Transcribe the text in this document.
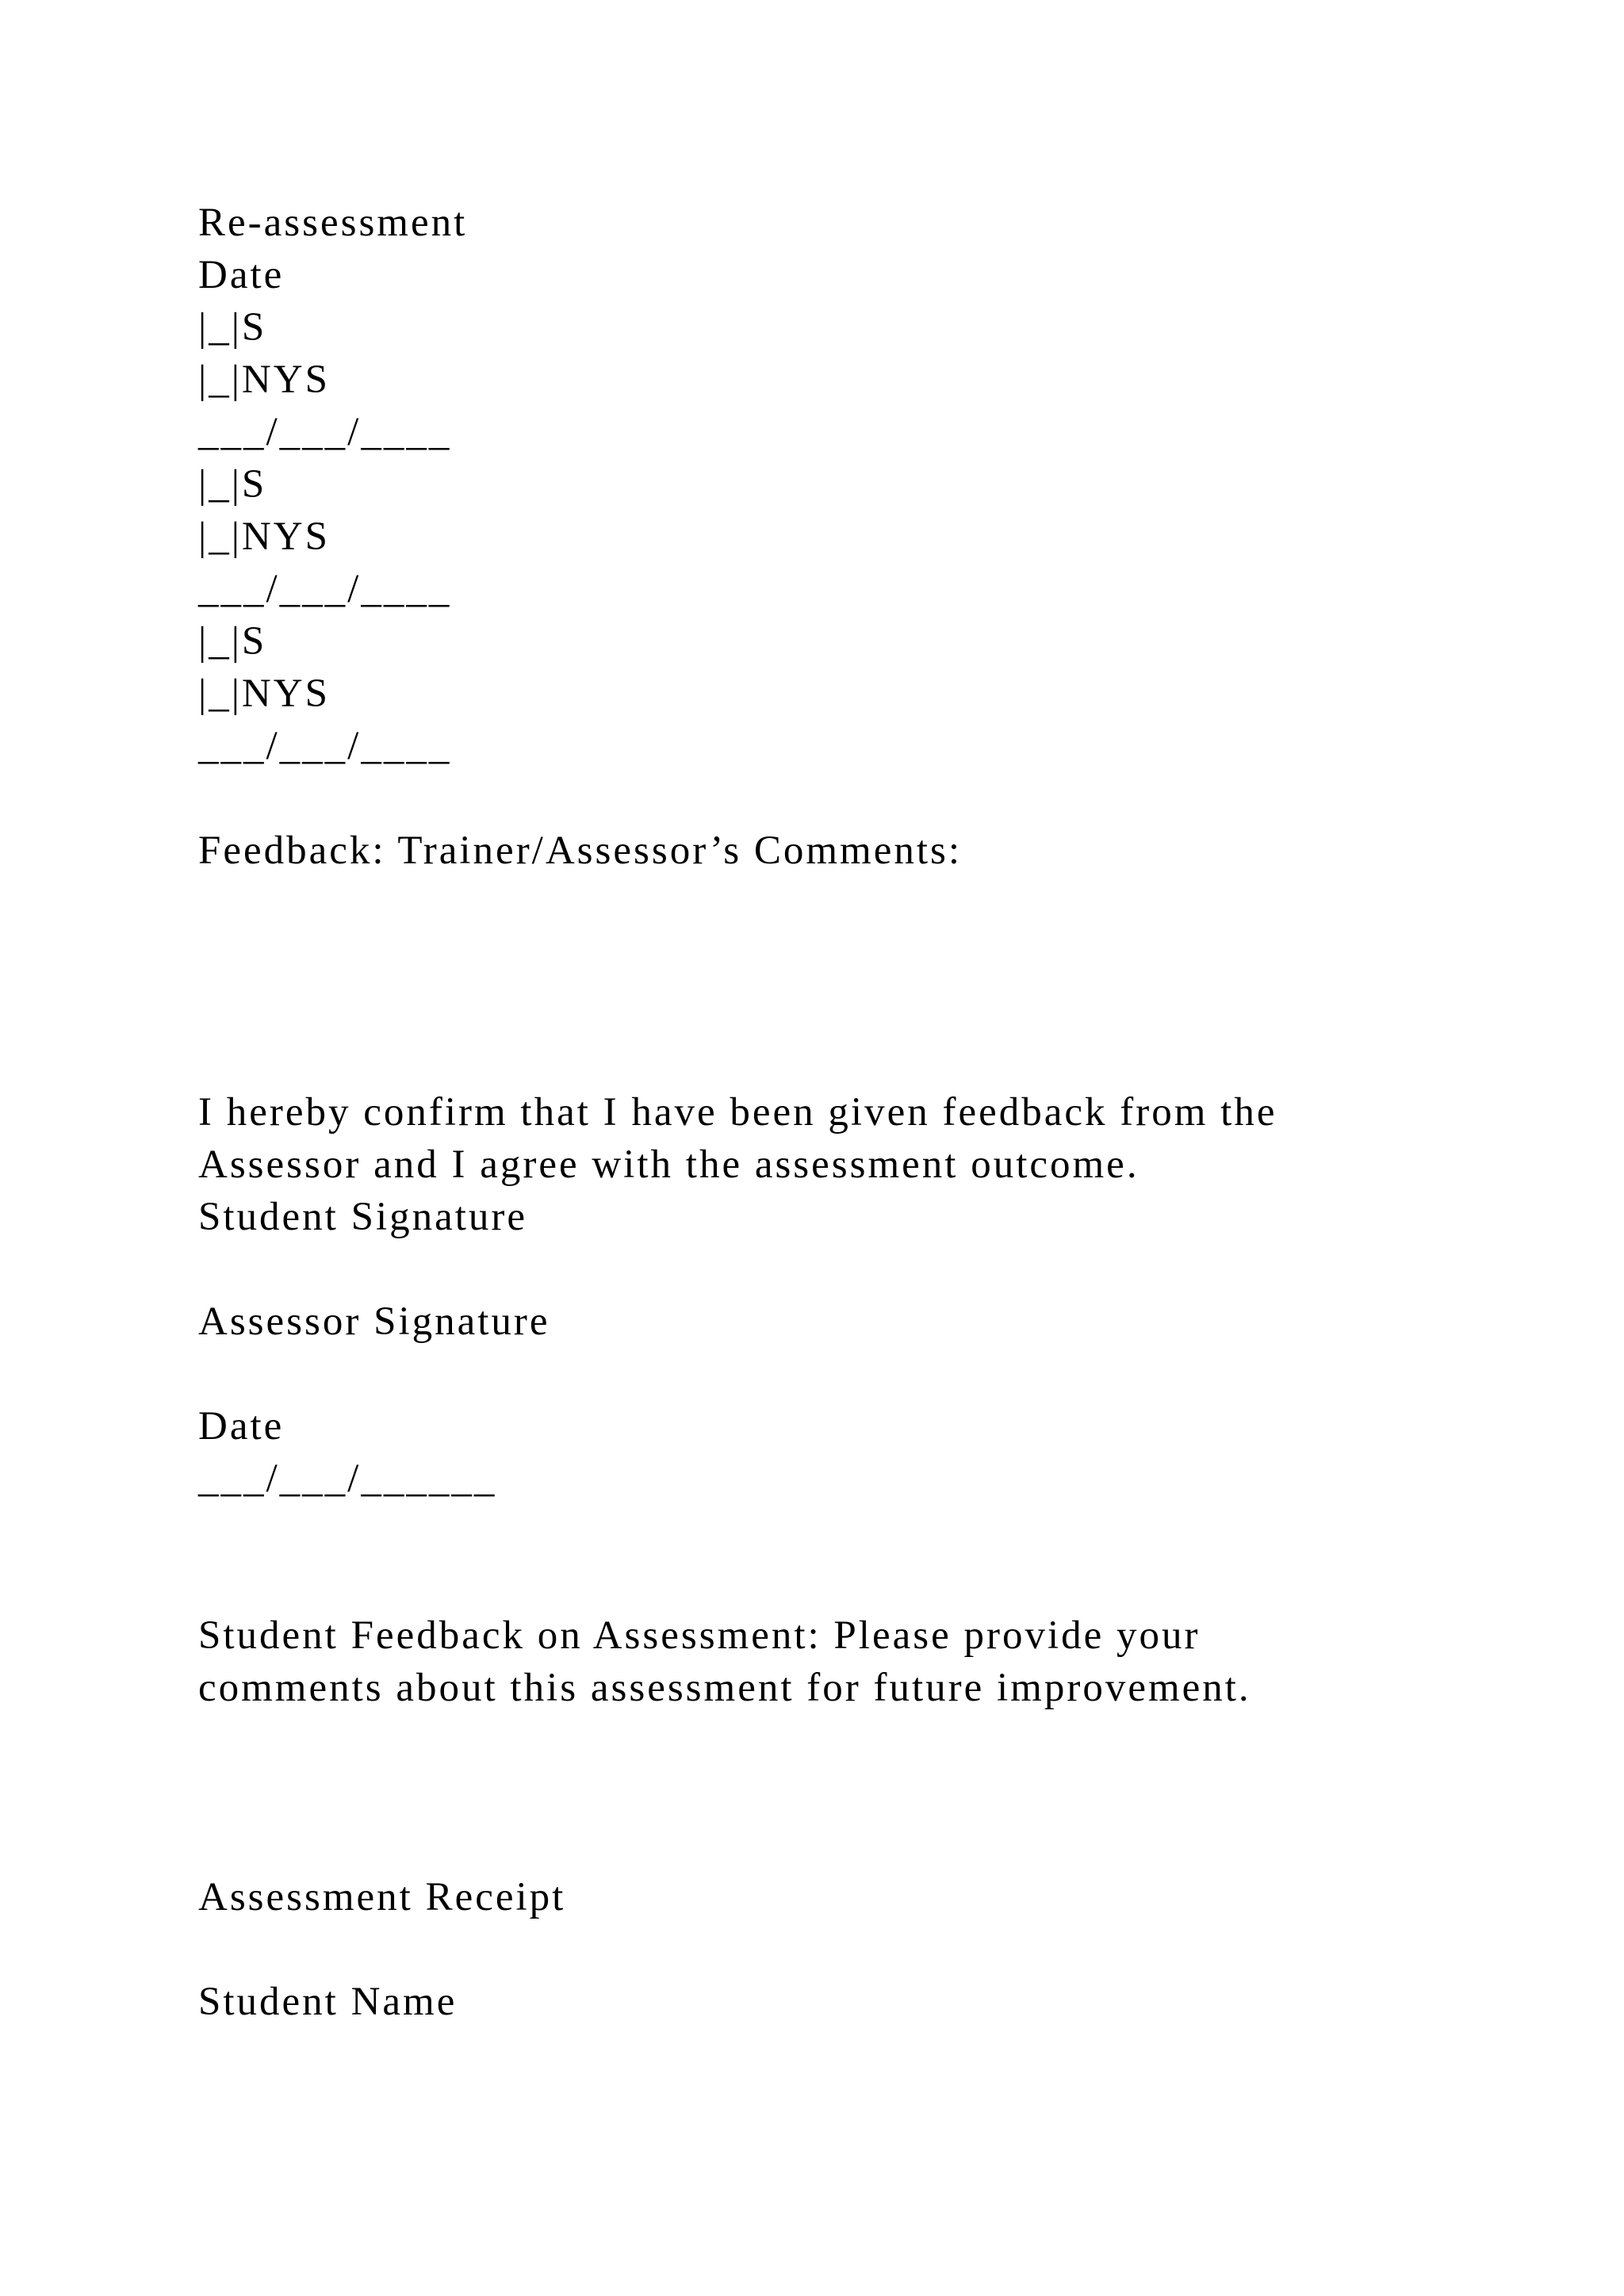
Re-assessment

Date

|_|S

|_|NYS

___/___/____

|_|S

|_|NYS

___/___/____

|_|S

|_|NYS

___/___/____

Feedback: Trainer/Assessor’s Comments:

I hereby confirm that I have been given feedback from the

Assessor and I agree with the assessment outcome.

Student Signature

Assessor Signature

Date

___/___/______

Student Feedback on Assessment: Please provide your

comments about this assessment for future improvement.

Assessment Receipt

Student Name
